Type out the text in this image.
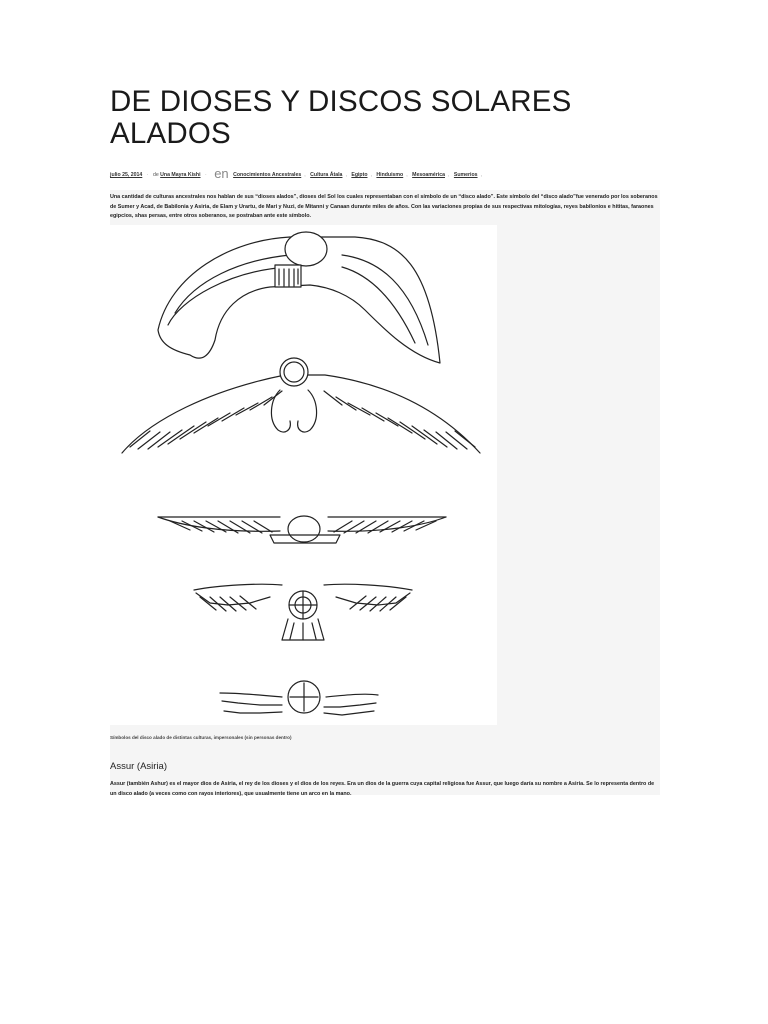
DE DIOSES Y DISCOS SOLARES ALADOS
julio 25, 2014 · de Una Mayra Kishi · en Conocimientos Ancestrales , Cultura Átala , Egipto , Hinduismo , Mesoamérica , Sumerios ,

Una cantidad de culturas ancestrales nos hablan de sus “dioses alados”, dioses del Sol los cuales representaban con el símbolo de un “disco alado”. Este símbolo del “disco alado”fue venerado por los soberanos de Sumer y Acad, de Babilonia y Asiria, de Elam y Urartu, de Mari y Nuzi, de Mitanni y Canaan durante miles de años. Con las variaciones propias de sus respectivas mitologías, reyes babilonios e hititas, faraones egipcios, shas persas, entre otros soberanos, se postraban ante este símbolo.

Símbolos del disco alado de distintas culturas, impersonales (sin personas dentro)
Assur (Asiria)

Assur (también Ashur) es el mayor dios de Asiria, el rey de los dioses y el dios de los reyes. Era un dios de la guerra cuya capital religiosa fue Assur, que luego daría su nombre a Asiria. Se lo representa dentro de un disco alado (a veces como con rayos interiores), que usualmente tiene un arco en la mano.
